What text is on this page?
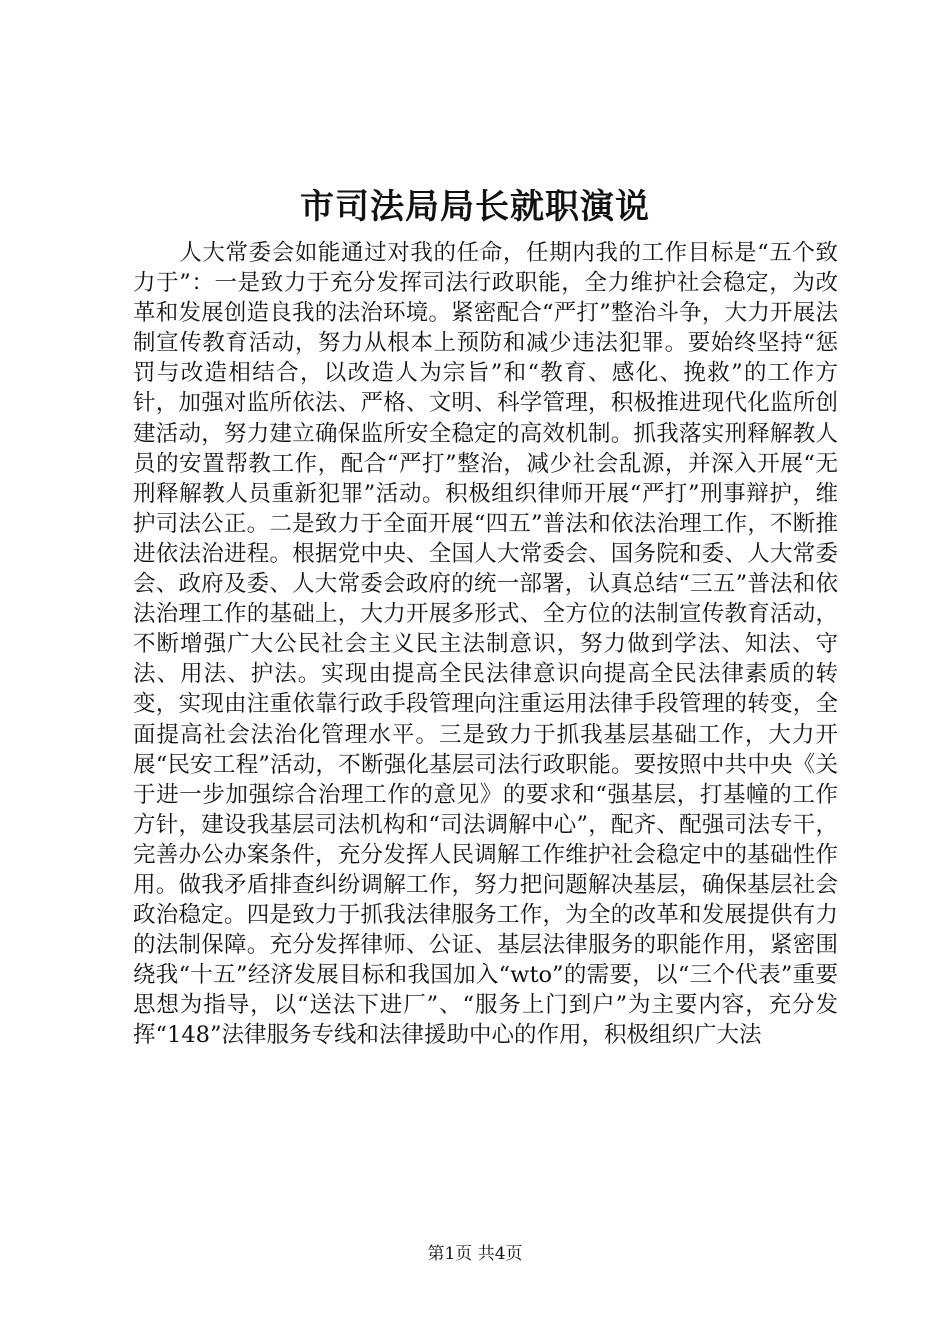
市司法局局长就职演说

　　人大常委会如能通过对我的任命，任期内我的工作目标是“五个致力于”：一是致力于充分发挥司法行政职能，全力维护社会稳定，为改革和发展创造良我的法治环境。紧密配合“严打”整治斗争，大力开展法制宣传教育活动，努力从根本上预防和减少违法犯罪。要始终坚持“惩罚与改造相结合，以改造人为宗旨”和“教育、感化、挽救”的工作方针，加强对监所依法、严格、文明、科学管理，积极推进现代化监所创建活动，努力建立确保监所安全稳定的高效机制。抓我落实刑释解教人员的安置帮教工作，配合“严打”整治，减少社会乱源，并深入开展“无刑释解教人员重新犯罪”活动。积极组织律师开展“严打”刑事辩护，维护司法公正。二是致力于全面开展“四五”普法和依法治理工作，不断推进依法治进程。根据党中央、全国人大常委会、国务院和委、人大常委会、政府及委、人大常委会政府的统一部署，认真总结“三五”普法和依法治理工作的基础上，大力开展多形式、全方位的法制宣传教育活动，不断增强广大公民社会主义民主法制意识，努力做到学法、知法、守法、用法、护法。实现由提高全民法律意识向提高全民法律素质的转变，实现由注重依靠行政手段管理向注重运用法律手段管理的转变，全面提高社会法治化管理水平。三是致力于抓我基层基础工作，大力开展“民安工程”活动，不断强化基层司法行政职能。要按照中共中央《关于进一步加强综合治理工作的意见》的要求和“强基层，打基幢的工作方针，建设我基层司法机构和“司法调解中心”，配齐、配强司法专干，完善办公办案条件，充分发挥人民调解工作维护社会稳定中的基础性作用。做我矛盾排查纠纷调解工作，努力把问题解决基层，确保基层社会政治稳定。四是致力于抓我法律服务工作，为全的改革和发展提供有力的法制保障。充分发挥律师、公证、基层法律服务的职能作用，紧密围绕我“十五”经济发展目标和我国加入“wto”的需要，以“三个代表”重要思想为指导，以“送法下进厂”、“服务上门到户”为主要内容，充分发挥“148”法律服务专线和法律援助中心的作用，积极组织广大法

第1页 共4页
